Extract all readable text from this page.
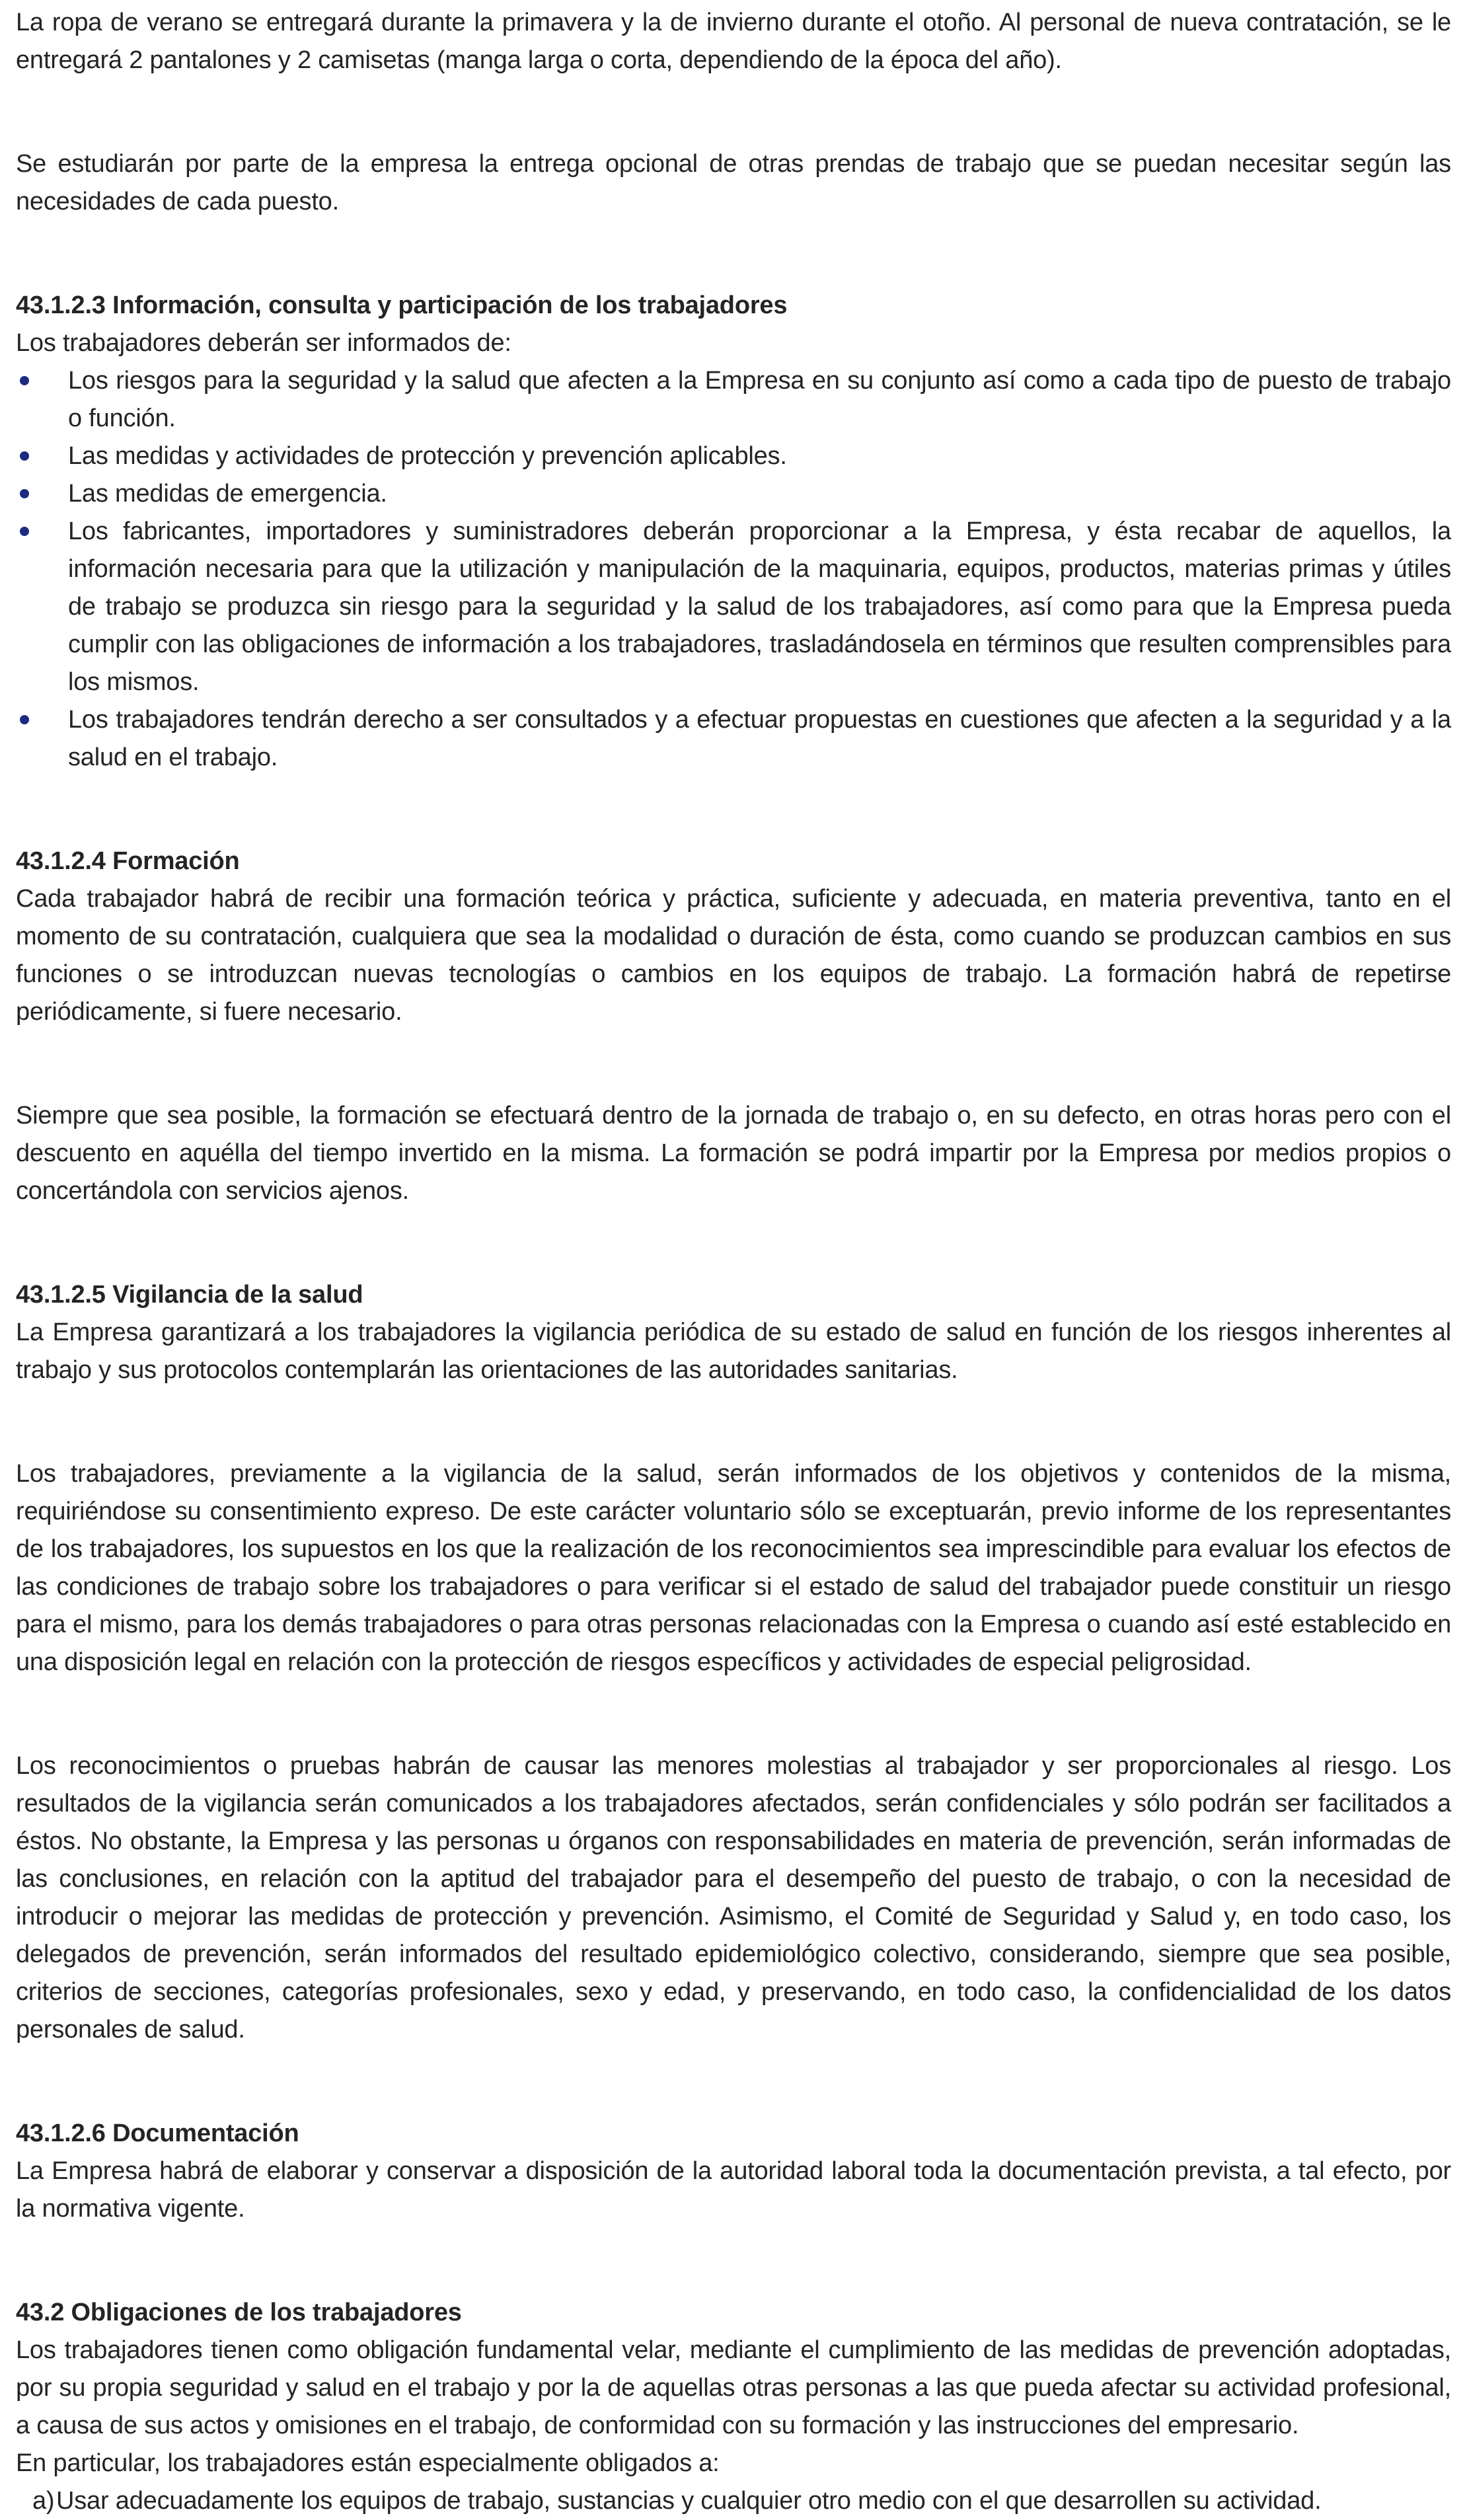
La ropa de verano se entregará durante la primavera y la de invierno durante el otoño. Al personal de nueva contratación, se le entregará 2 pantalones y 2 camisetas (manga larga o corta, dependiendo de la época del año).

Se estudiarán por parte de la empresa la entrega opcional de otras prendas de trabajo que se puedan necesitar según las necesidades de cada puesto.

43.1.2.3 Información, consulta y participación de los trabajadores

Los trabajadores deberán ser informados de:

Los riesgos para la seguridad y la salud que afecten a la Empresa en su conjunto así como a cada tipo de puesto de trabajo o función.
Las medidas y actividades de protección y prevención aplicables.
Las medidas de emergencia.
Los fabricantes, importadores y suministradores deberán proporcionar a la Empresa, y ésta recabar de aquellos, la información necesaria para que la utilización y manipulación de la maquinaria, equipos, productos, materias primas y útiles de trabajo se produzca sin riesgo para la seguridad y la salud de los trabajadores, así como para que la Empresa pueda cumplir con las obligaciones de información a los trabajadores, trasladándosela en términos que resulten comprensibles para los mismos.
Los trabajadores tendrán derecho a ser consultados y a efectuar propuestas en cuestiones que afecten a la seguridad y a la salud en el trabajo.
43.1.2.4 Formación

Cada trabajador habrá de recibir una formación teórica y práctica, suficiente y adecuada, en materia preventiva, tanto en el momento de su contratación, cualquiera que sea la modalidad o duración de ésta, como cuando se produzcan cambios en sus funciones o se introduzcan nuevas tecnologías o cambios en los equipos de trabajo. La formación habrá de repetirse periódicamente, si fuere necesario.

Siempre que sea posible, la formación se efectuará dentro de la jornada de trabajo o, en su defecto, en otras horas pero con el descuento en aquélla del tiempo invertido en la misma. La formación se podrá impartir por la Empresa por medios propios o concertándola con servicios ajenos.

43.1.2.5 Vigilancia de la salud

La Empresa garantizará a los trabajadores la vigilancia periódica de su estado de salud en función de los riesgos inherentes al trabajo y sus protocolos contemplarán las orientaciones de las autoridades sanitarias.

Los trabajadores, previamente a la vigilancia de la salud, serán informados de los objetivos y contenidos de la misma, requiriéndose su consentimiento expreso. De este carácter voluntario sólo se exceptuarán, previo informe de los representantes de los trabajadores, los supuestos en los que la realización de los reconocimientos sea imprescindible para evaluar los efectos de las condiciones de trabajo sobre los trabajadores o para verificar si el estado de salud del trabajador puede constituir un riesgo para el mismo, para los demás trabajadores o para otras personas relacionadas con la Empresa o cuando así esté establecido en una disposición legal en relación con la protección de riesgos específicos y actividades de especial peligrosidad.

Los reconocimientos o pruebas habrán de causar las menores molestias al trabajador y ser proporcionales al riesgo. Los resultados de la vigilancia serán comunicados a los trabajadores afectados, serán confidenciales y sólo podrán ser facilitados a éstos. No obstante, la Empresa y las personas u órganos con responsabilidades en materia de prevención, serán informadas de las conclusiones, en relación con la aptitud del trabajador para el desempeño del puesto de trabajo, o con la necesidad de introducir o mejorar las medidas de protección y prevención. Asimismo, el Comité de Seguridad y Salud y, en todo caso, los delegados de prevención, serán informados del resultado epidemiológico colectivo, considerando, siempre que sea posible, criterios de secciones, categorías profesionales, sexo y edad, y preservando, en todo caso, la confidencialidad de los datos personales de salud.

43.1.2.6 Documentación

La Empresa habrá de elaborar y conservar a disposición de la autoridad laboral toda la documentación prevista, a tal efecto, por la normativa vigente.

43.2 Obligaciones de los trabajadores

Los trabajadores tienen como obligación fundamental velar, mediante el cumplimiento de las medidas de prevención adoptadas, por su propia seguridad y salud en el trabajo y por la de aquellas otras personas a las que pueda afectar su actividad profesional, a causa de sus actos y omisiones en el trabajo, de conformidad con su formación y las instrucciones del empresario.

En particular, los trabajadores están especialmente obligados a:

a) Usar adecuadamente los equipos de trabajo, sustancias y cualquier otro medio con el que desarrollen su actividad.
